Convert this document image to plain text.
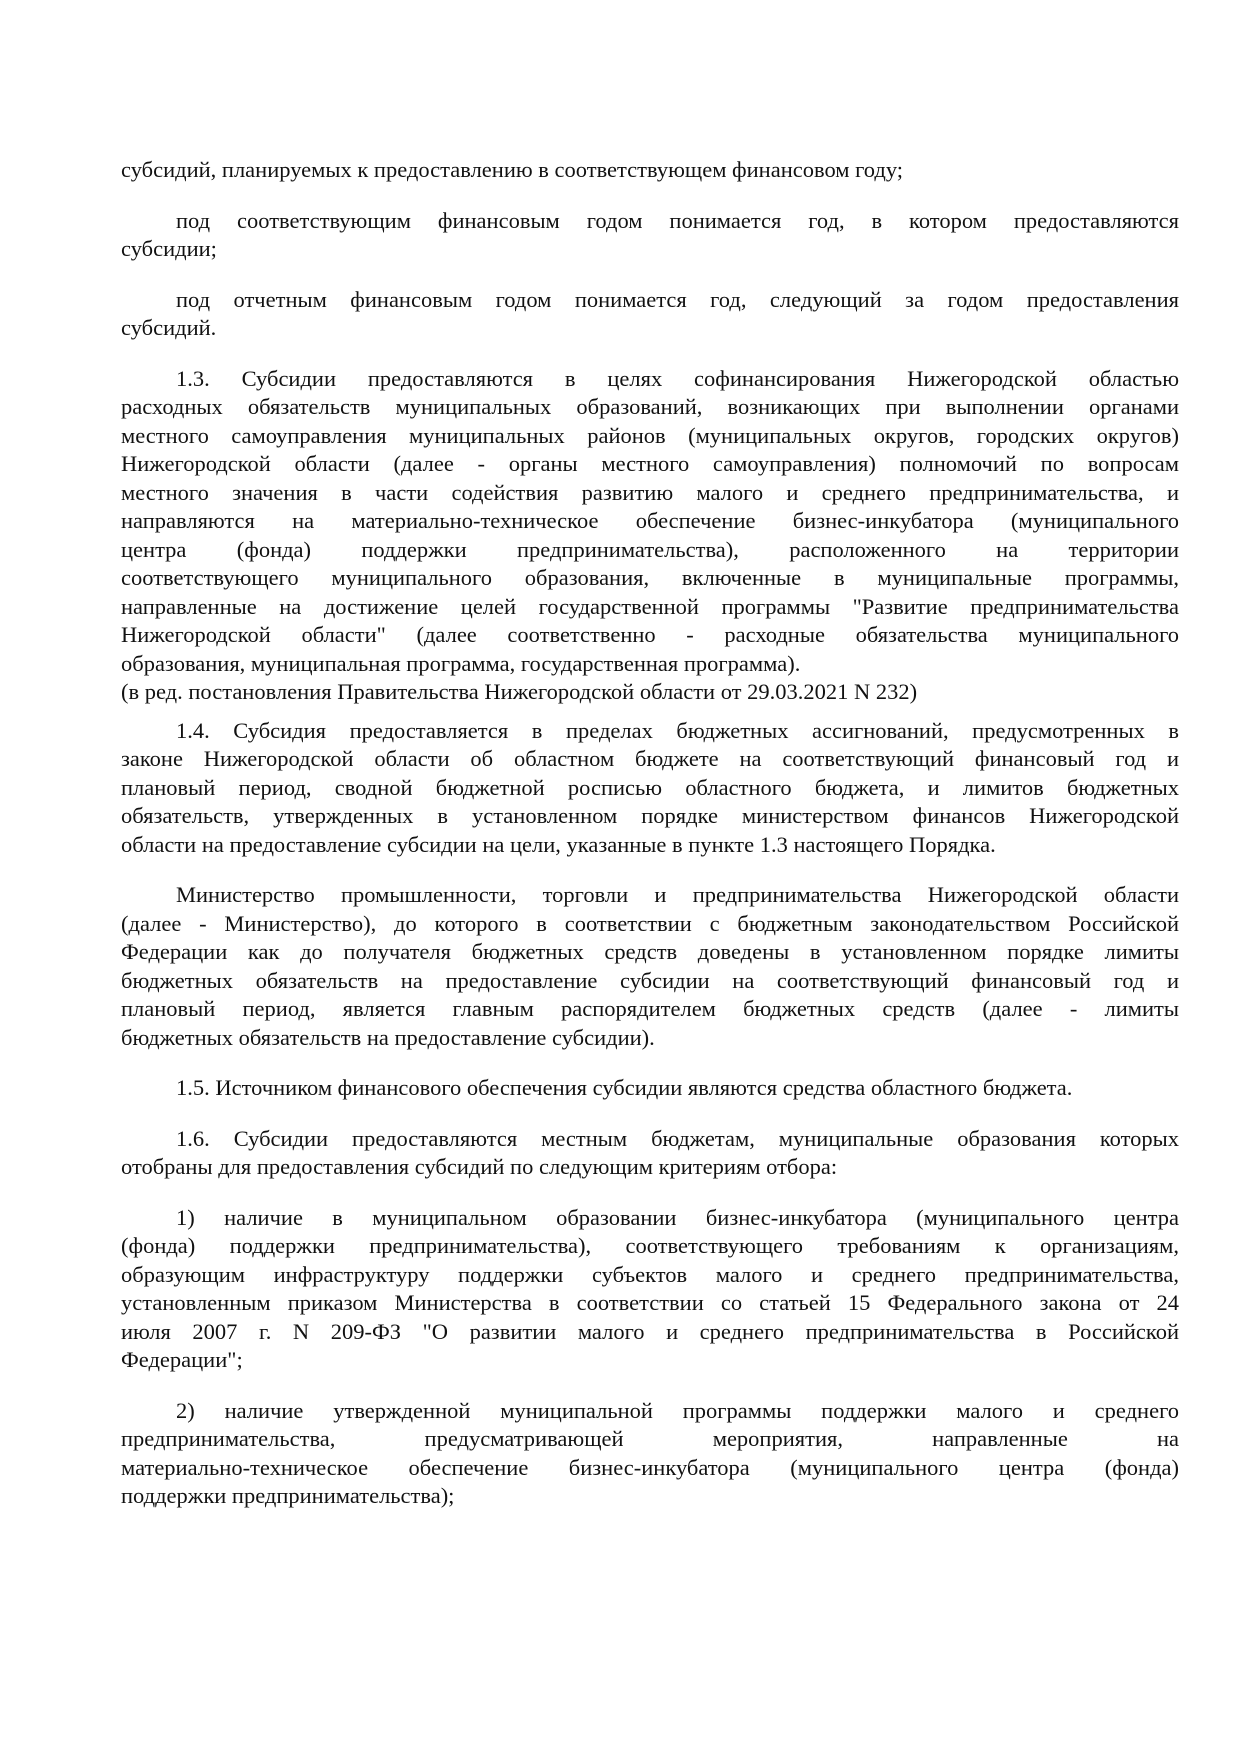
субсидий, планируемых к предоставлению в соответствующем финансовом году;
под соответствующим финансовым годом понимается год, в котором предоставляются
субсидии;
под отчетным финансовым годом понимается год, следующий за годом предоставления
субсидий.
1.3. Субсидии предоставляются в целях софинансирования Нижегородской областью
расходных обязательств муниципальных образований, возникающих при выполнении органами
местного самоуправления муниципальных районов (муниципальных округов, городских округов)
Нижегородской области (далее - органы местного самоуправления) полномочий по вопросам
местного значения в части содействия развитию малого и среднего предпринимательства, и
направляются на материально-техническое обеспечение бизнес-инкубатора (муниципального
центра (фонда) поддержки предпринимательства), расположенного на территории
соответствующего муниципального образования, включенные в муниципальные программы,
направленные на достижение целей государственной программы "Развитие предпринимательства
Нижегородской области" (далее соответственно - расходные обязательства муниципального
образования, муниципальная программа, государственная программа).
(в ред. постановления Правительства Нижегородской области от 29.03.2021 N 232)
1.4. Субсидия предоставляется в пределах бюджетных ассигнований, предусмотренных в
законе Нижегородской области об областном бюджете на соответствующий финансовый год и
плановый период, сводной бюджетной росписью областного бюджета, и лимитов бюджетных
обязательств, утвержденных в установленном порядке министерством финансов Нижегородской
области на предоставление субсидии на цели, указанные в пункте 1.3 настоящего Порядка.
Министерство промышленности, торговли и предпринимательства Нижегородской области
(далее - Министерство), до которого в соответствии с бюджетным законодательством Российской
Федерации как до получателя бюджетных средств доведены в установленном порядке лимиты
бюджетных обязательств на предоставление субсидии на соответствующий финансовый год и
плановый период, является главным распорядителем бюджетных средств (далее - лимиты
бюджетных обязательств на предоставление субсидии).
1.5. Источником финансового обеспечения субсидии являются средства областного бюджета.
1.6. Субсидии предоставляются местным бюджетам, муниципальные образования которых
отобраны для предоставления субсидий по следующим критериям отбора:
1) наличие в муниципальном образовании бизнес-инкубатора (муниципального центра
(фонда) поддержки предпринимательства), соответствующего требованиям к организациям,
образующим инфраструктуру поддержки субъектов малого и среднего предпринимательства,
установленным приказом Министерства в соответствии со статьей 15 Федерального закона от 24
июля 2007 г. N 209-ФЗ "О развитии малого и среднего предпринимательства в Российской
Федерации";
2) наличие утвержденной муниципальной программы поддержки малого и среднего
предпринимательства, предусматривающей мероприятия, направленные на
материально-техническое обеспечение бизнес-инкубатора (муниципального центра (фонда)
поддержки предпринимательства);
